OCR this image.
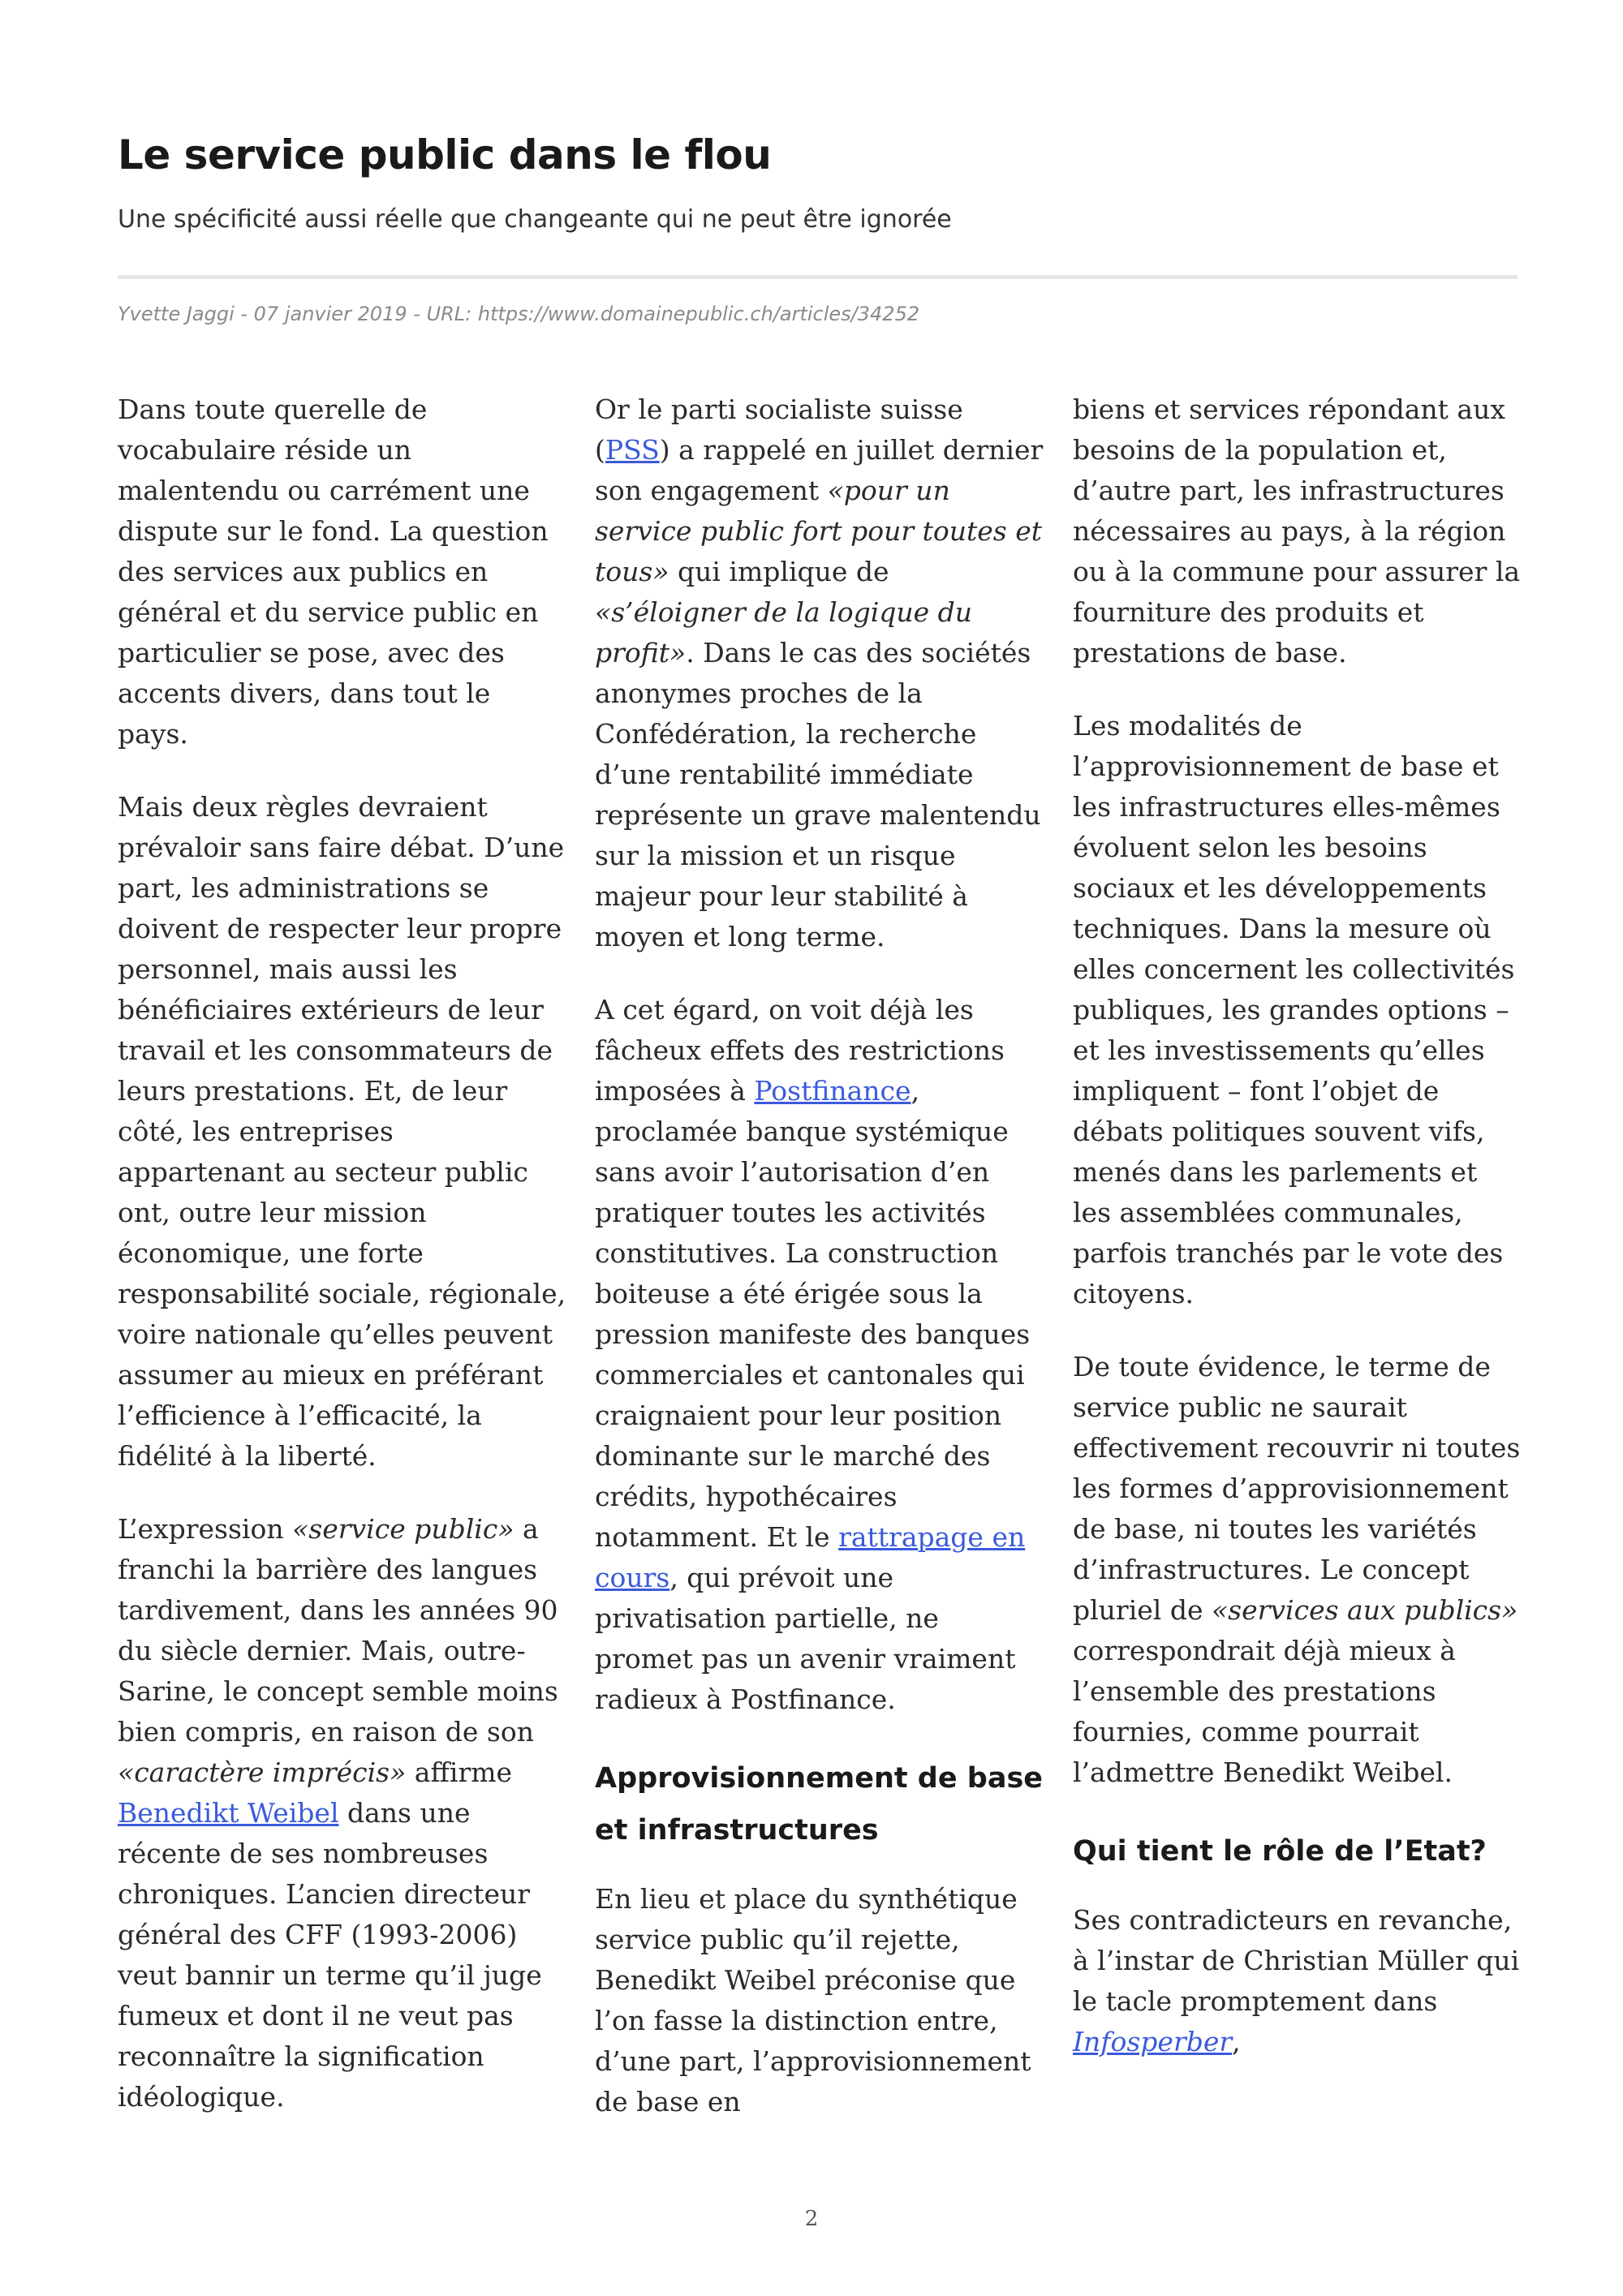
Le service public dans le flou

Une spécificité aussi réelle que changeante qui ne peut être ignorée

Yvette Jaggi - 07 janvier 2019 - URL: https://www.domainepublic.ch/articles/34252

Dans toute querelle de vocabulaire réside un malentendu ou carrément une dispute sur le fond. La question des services aux publics en général et du service public en particulier se pose, avec des accents divers, dans tout le pays.

Mais deux règles devraient prévaloir sans faire débat. D’une part, les administrations se doivent de respecter leur propre personnel, mais aussi les bénéficiaires extérieurs de leur travail et les consommateurs de leurs prestations. Et, de leur côté, les entreprises appartenant au secteur public ont, outre leur mission économique, une forte responsabilité sociale, régionale, voire nationale qu’elles peuvent assumer au mieux en préférant l’efficience à l’efficacité, la fidélité à la liberté.

L’expression «service public» a franchi la barrière des langues tardivement, dans les années 90 du siècle dernier. Mais, outre-Sarine, le concept semble moins bien compris, en raison de son «caractère imprécis» affirme Benedikt Weibel dans une récente de ses nombreuses chroniques. L’ancien directeur général des CFF (1993-2006) veut bannir un terme qu’il juge fumeux et dont il ne veut pas reconnaître la signification idéologique.

Or le parti socialiste suisse (PSS) a rappelé en juillet dernier son engagement «pour un service public fort pour toutes et tous» qui implique de «s’éloigner de la logique du profit». Dans le cas des sociétés anonymes proches de la Confédération, la recherche d’une rentabilité immédiate représente un grave malentendu sur la mission et un risque majeur pour leur stabilité à moyen et long terme.

A cet égard, on voit déjà les fâcheux effets des restrictions imposées à Postfinance, proclamée banque systémique sans avoir l’autorisation d’en pratiquer toutes les activités constitutives. La construction boiteuse a été érigée sous la pression manifeste des banques commerciales et cantonales qui craignaient pour leur position dominante sur le marché des crédits, hypothécaires notamment. Et le rattrapage en cours, qui prévoit une privatisation partielle, ne promet pas un avenir vraiment radieux à Postfinance.

Approvisionnement de base et infrastructures

En lieu et place du synthétique service public qu’il rejette, Benedikt Weibel préconise que l’on fasse la distinction entre, d’une part, l’approvisionnement de base en

biens et services répondant aux besoins de la population et, d’autre part, les infrastructures nécessaires au pays, à la région ou à la commune pour assurer la fourniture des produits et prestations de base.

Les modalités de l’approvisionnement de base et les infrastructures elles-mêmes évoluent selon les besoins sociaux et les développements techniques. Dans la mesure où elles concernent les collectivités publiques, les grandes options – et les investissements qu’elles impliquent – font l’objet de débats politiques souvent vifs, menés dans les parlements et les assemblées communales, parfois tranchés par le vote des citoyens.

De toute évidence, le terme de service public ne saurait effectivement recouvrir ni toutes les formes d’approvisionnement de base, ni toutes les variétés d’infrastructures. Le concept pluriel de «services aux publics» correspondrait déjà mieux à l’ensemble des prestations fournies, comme pourrait l’admettre Benedikt Weibel.

Qui tient le rôle de l’Etat?

Ses contradicteurs en revanche, à l’instar de Christian Müller qui le tacle promptement dans Infosperber,

2
